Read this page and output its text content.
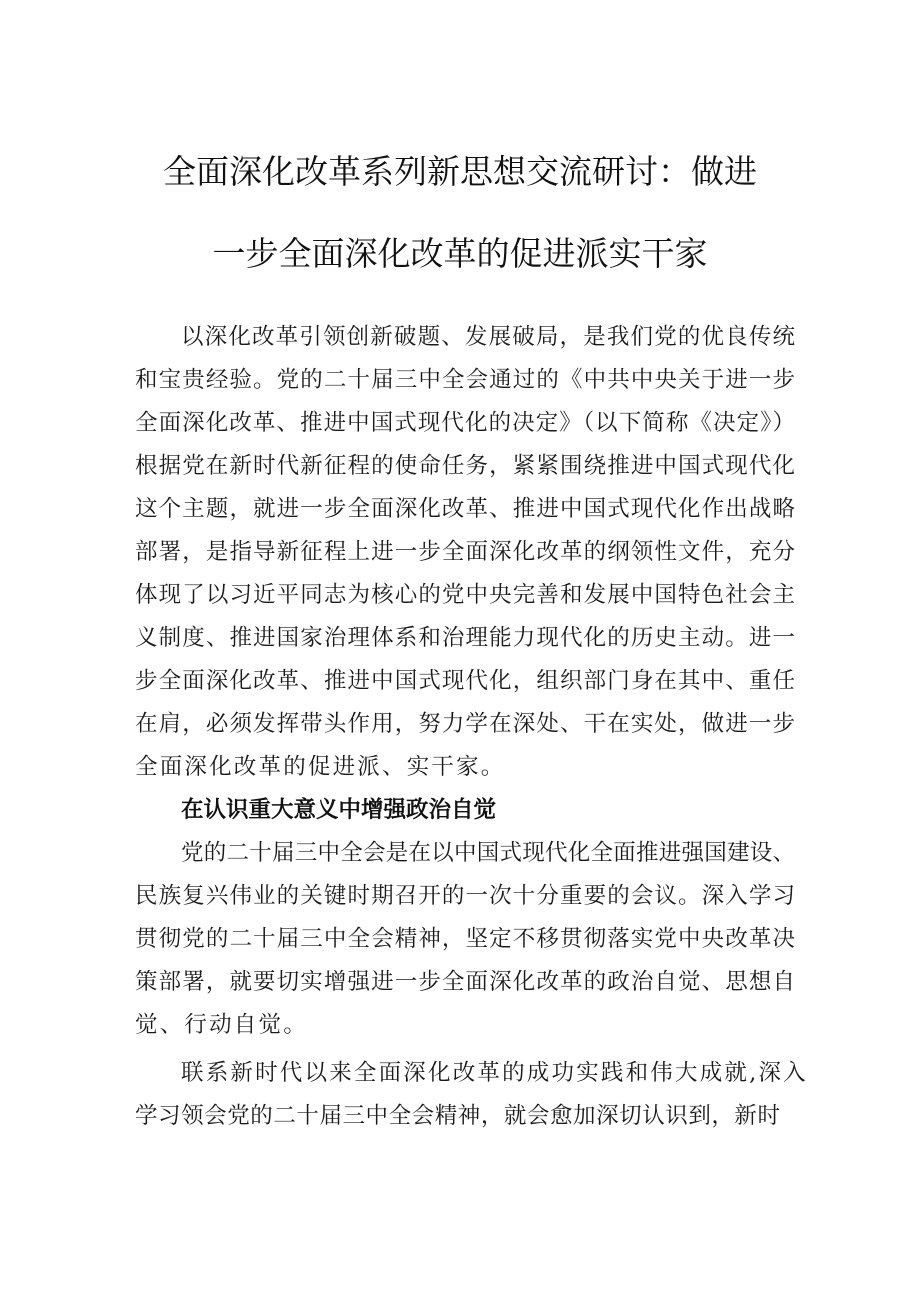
全面深化改革系列新思想交流研讨：做进
一步全面深化改革的促进派实干家
以深化改革引领创新破题、发展破局，是我们党的优良传统
和宝贵经验。党的二十届三中全会通过的《中共中央关于进一步
全面深化改革、推进中国式现代化的决定》（以下简称《决定》）
根据党在新时代新征程的使命任务，紧紧围绕推进中国式现代化
这个主题，就进一步全面深化改革、推进中国式现代化作出战略
部署，是指导新征程上进一步全面深化改革的纲领性文件，充分
体现了以习近平同志为核心的党中央完善和发展中国特色社会主
义制度、推进国家治理体系和治理能力现代化的历史主动。进一
步全面深化改革、推进中国式现代化，组织部门身在其中、重任
在肩，必须发挥带头作用，努力学在深处、干在实处，做进一步
全面深化改革的促进派、实干家。
在认识重大意义中增强政治自觉
党的二十届三中全会是在以中国式现代化全面推进强国建设、
民族复兴伟业的关键时期召开的一次十分重要的会议。深入学习
贯彻党的二十届三中全会精神，坚定不移贯彻落实党中央改革决
策部署，就要切实增强进一步全面深化改革的政治自觉、思想自
觉、行动自觉。
联系新时代以来全面深化改革的成功实践和伟大成就,深入
学习领会党的二十届三中全会精神，就会愈加深切认识到，新时
